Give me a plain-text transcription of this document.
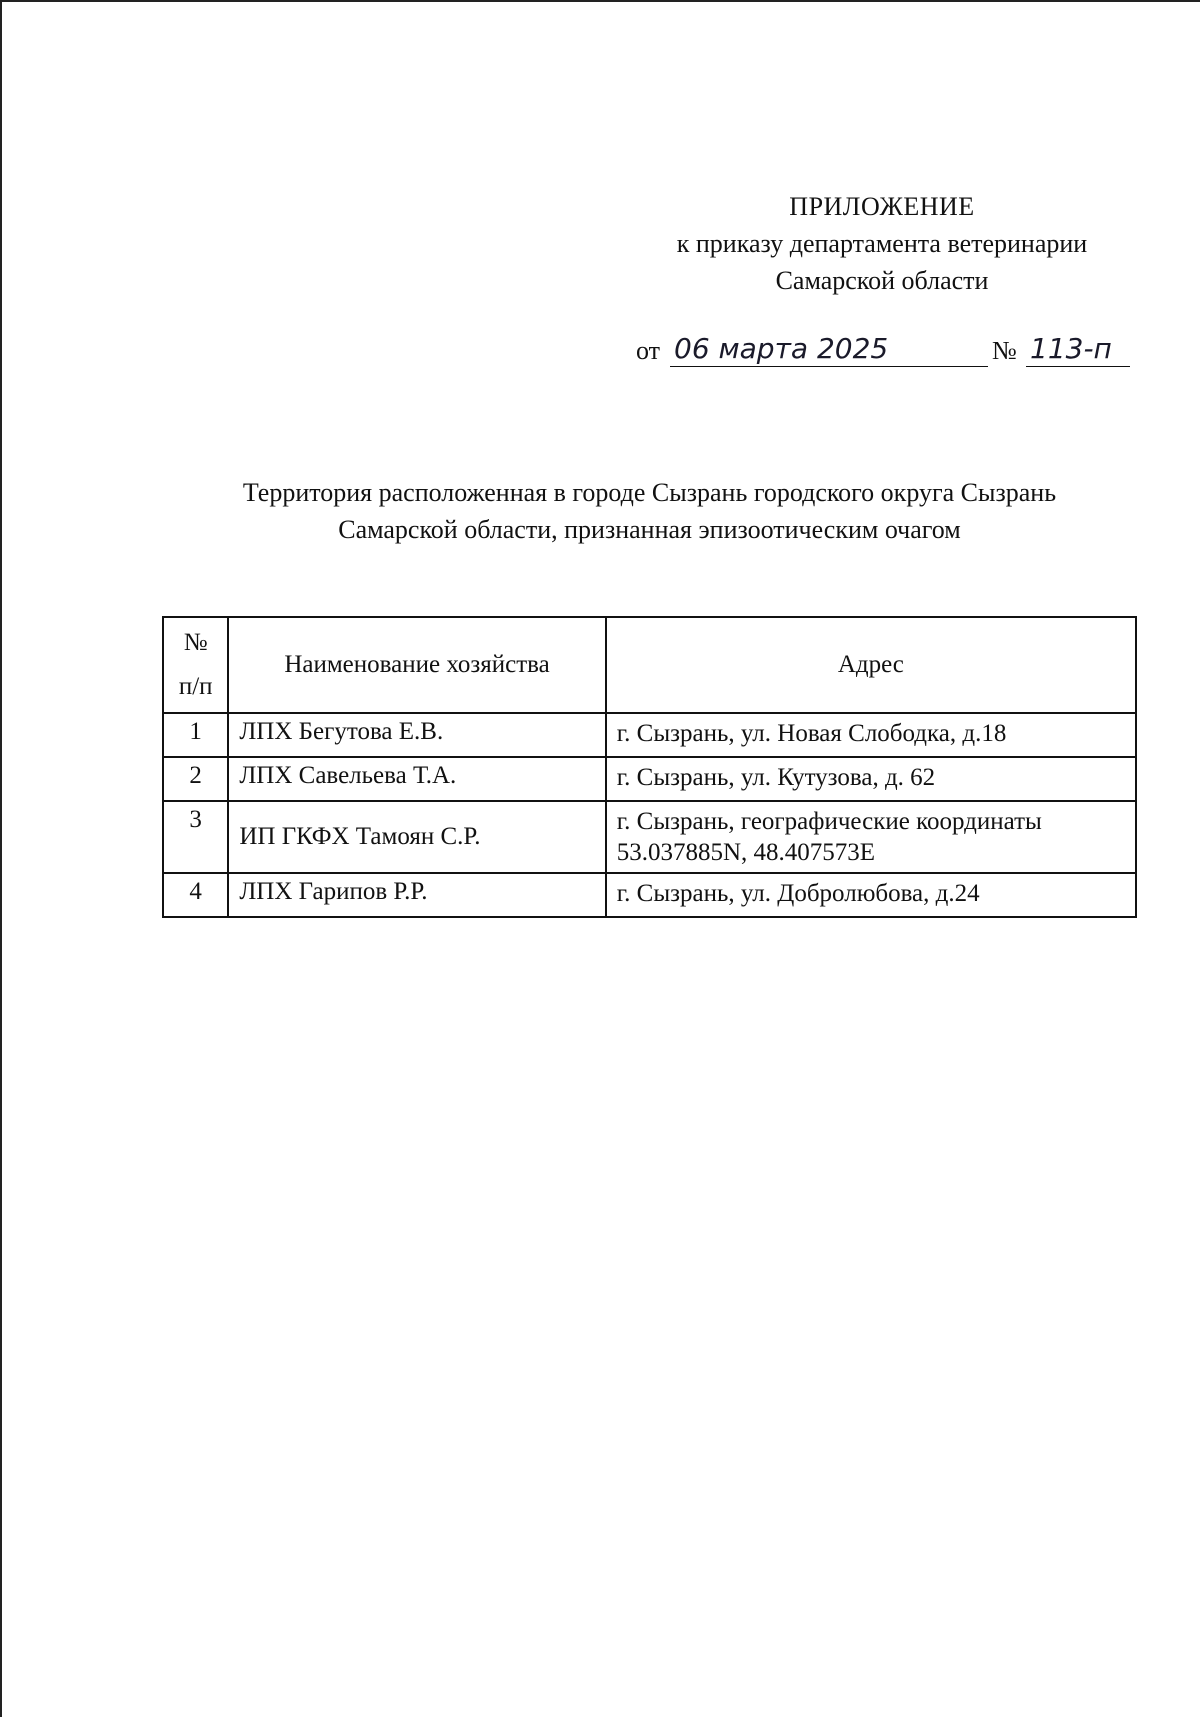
ПРИЛОЖЕНИЕ
к приказу департамента ветеринарии
Самарской области
от 06 марта 2025	№ 113-п
Территория расположенная в городе Сызрань городского округа Сызрань
Самарской области, признанная эпизоотическим очагом
№
п/п	Наименование хозяйства	Адрес
1	ЛПХ Бегутова Е.В.	г. Сызрань, ул. Новая Слободка, д.18
2	ЛПХ Савельева Т.А.	г. Сызрань, ул. Кутузова, д. 62
3	ИП ГКФХ Тамоян С.Р.	г. Сызрань, географические координаты 53.037885N, 48.407573E
4	ЛПХ Гарипов Р.Р.	г. Сызрань, ул. Добролюбова, д.24
